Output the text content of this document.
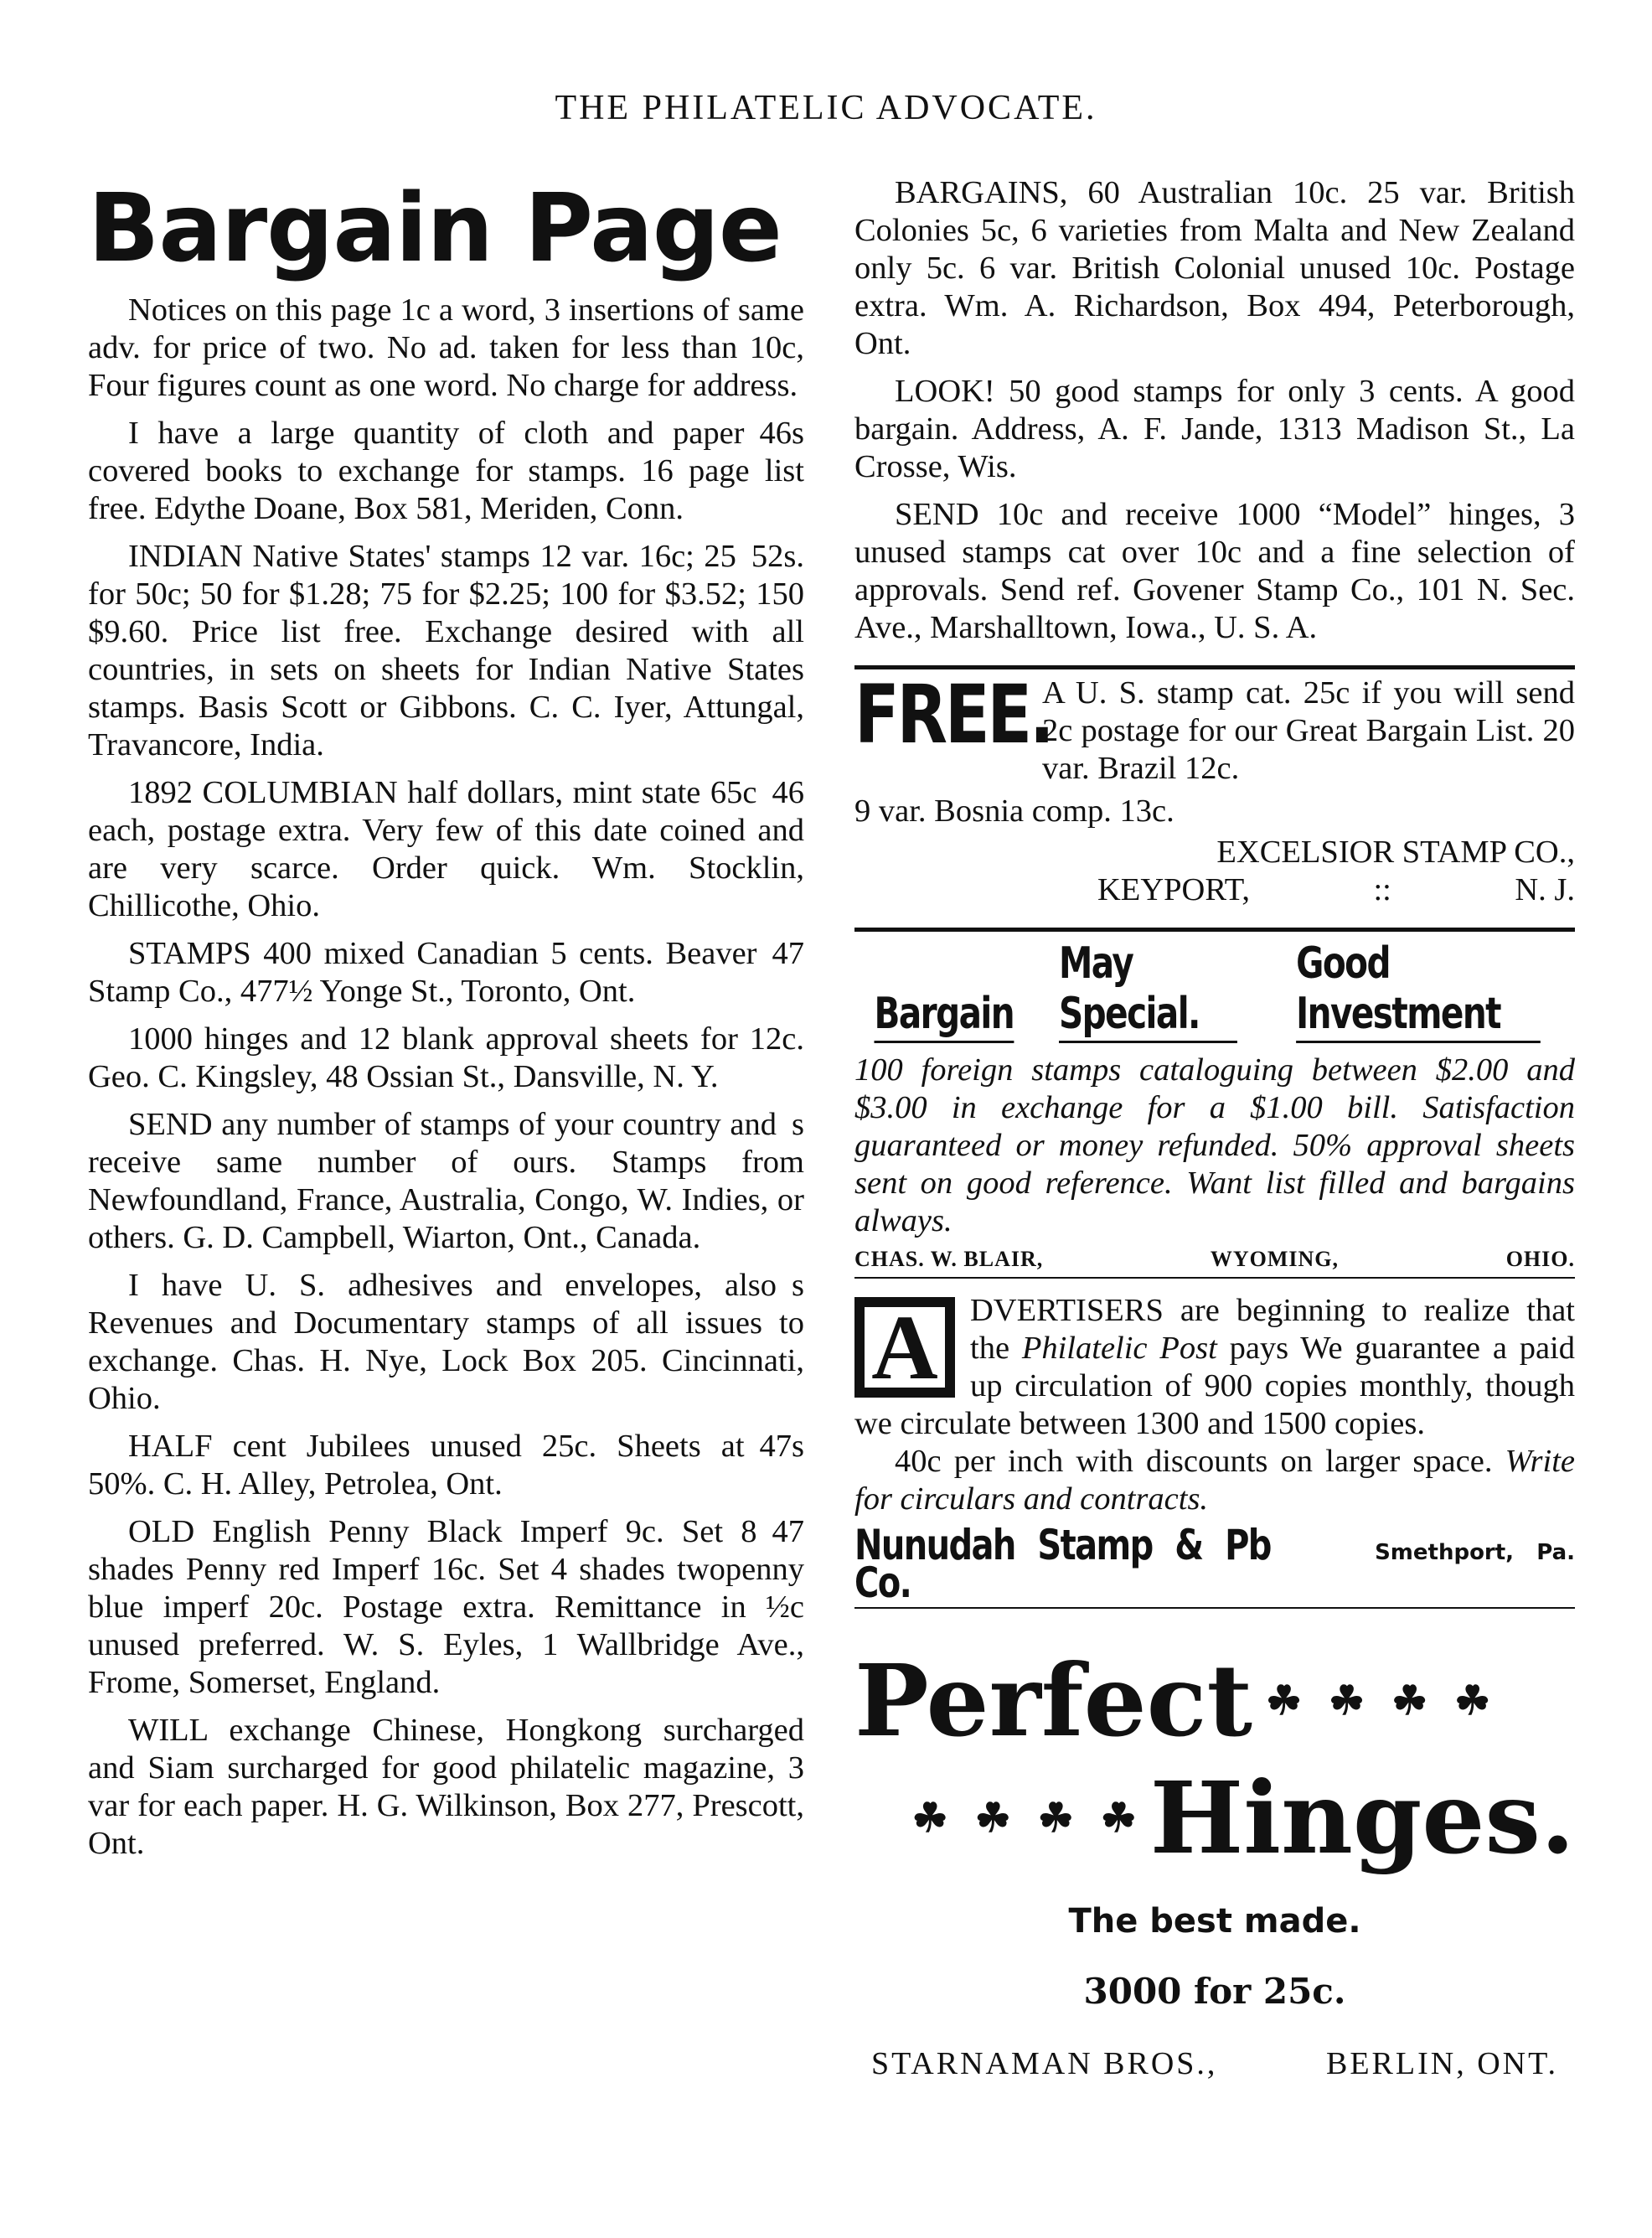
THE PHILATELIC ADVOCATE.
Bargain Page

Notices on this page 1c a word, 3 insertions of same adv. for price of two. No ad. taken for less than 10c, Four figures count as one word. No charge for address.

46s
I have a large quantity of cloth and paper covered books to exchange for stamps. 16 page list free. Edythe Doane, Box 581, Meriden, Conn.

52s.
INDIAN Native States' stamps 12 var. 16c; 25 for 50c; 50 for $1.28; 75 for $2.25; 100 for $3.52; 150 $9.60. Price list free. Exchange desired with all countries, in sets on sheets for Indian Native States stamps. Basis Scott or Gibbons. C. C. Iyer, Attungal, Travancore, India.

46
1892 COLUMBIAN half dollars, mint state 65c each, postage extra. Very few of this date coined and are very scarce. Order quick. Wm. Stocklin, Chillicothe, Ohio.

47
STAMPS 400 mixed Canadian 5 cents. Beaver Stamp Co., 477½ Yonge St., Toronto, Ont.

1000 hinges and 12 blank approval sheets for 12c. Geo. C. Kingsley, 48 Ossian St., Dansville, N. Y.

s
SEND any number of stamps of your country and receive same number of ours. Stamps from Newfoundland, France, Australia, Congo, W. Indies, or others. G. D. Campbell, Wiarton, Ont., Canada.

s
I have U. S. adhesives and envelopes, also Revenues and Documentary stamps of all issues to exchange. Chas. H. Nye, Lock Box 205. Cincinnati, Ohio.

47s
HALF cent Jubilees unused 25c. Sheets at 50%. C. H. Alley, Petrolea, Ont.

47
OLD English Penny Black Imperf 9c. Set 8 shades Penny red Imperf 16c. Set 4 shades twopenny blue imperf 20c. Postage extra. Remittance in ½c unused preferred. W. S. Eyles, 1 Wallbridge Ave., Frome, Somerset, England.

WILL exchange Chinese, Hongkong surcharged and Siam surcharged for good philatelic magazine, 3 var for each paper. H. G. Wilkinson, Box 277, Prescott, Ont.

BARGAINS, 60 Australian 10c. 25 var. British Colonies 5c, 6 varieties from Malta and New Zealand only 5c. 6 var. British Colonial unused 10c. Postage extra. Wm. A. Richardson, Box 494, Peterborough, Ont.

LOOK! 50 good stamps for only 3 cents. A good bargain. Address, A. F. Jande, 1313 Madison St., La Crosse, Wis.

SEND 10c and receive 1000 “Model” hinges, 3 unused stamps cat over 10c and a fine selection of approvals. Send ref. Govener Stamp Co., 101 N. Sec. Ave., Marshalltown, Iowa., U. S. A.

FREE.
A U. S. stamp cat. 25c if you will send 2c postage for our Great Bargain List. 20 var. Brazil 12c.
9 var. Bosnia comp. 13c.
EXCELSIOR STAMP CO.,
KEYPORT,	::	N. J.
Bargain
May Special.
Good Investment
100 foreign stamps cataloguing between $2.00 and $3.00 in exchange for a $1.00 bill. Satisfaction guaranteed or money refunded. 50% approval sheets sent on good reference. Want list filled and bargains always.
CHAS. W. BLAIR,	WYOMING,	OHIO.
A DVERTISERS are beginning to realize that the Philatelic Post pays We guarantee a paid up circulation of 900 copies monthly, though we circulate between 1300 and 1500 copies.
40c per inch with discounts on larger space. Write for circulars and contracts.
Nunudah Stamp & Pb Co.
Smethport, Pa.
Perfect ☘ ☘ ☘ ☘
☘ ☘ ☘ ☘ Hinges.
The best made.
3000 for 25c.
STARNAMAN BROS.,	BERLIN, ONT.
